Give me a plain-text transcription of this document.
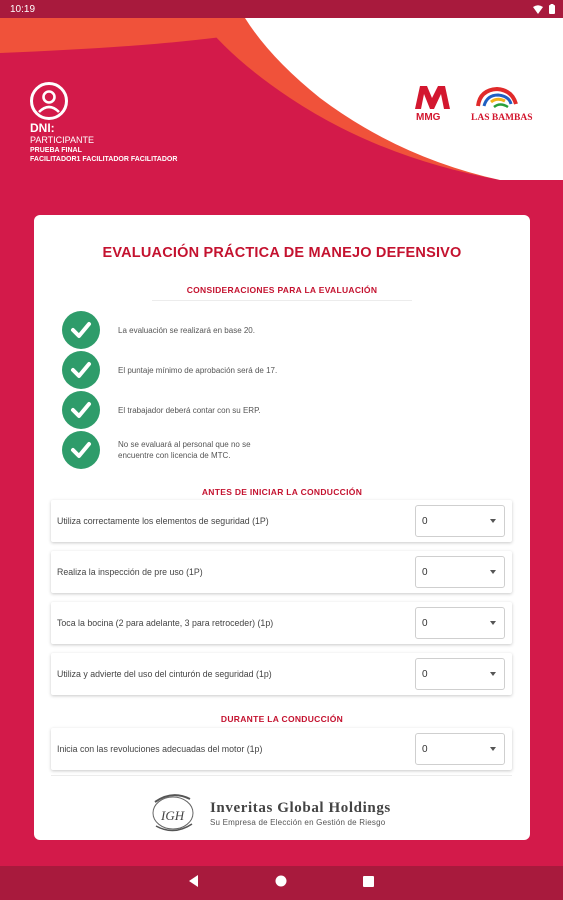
10:19
DNI:
PARTICIPANTE
PRUEBA FINAL
FACILITADOR1 FACILITADOR FACILITADOR
MMG	LAS BAMBAS
EVALUACIÓN PRÁCTICA DE MANEJO DEFENSIVO
CONSIDERACIONES PARA LA EVALUACIÓN
La evaluación se realizará en base 20.
El puntaje mínimo de aprobación será de 17.
El trabajador deberá contar con su ERP.
No se evaluará al personal que no se encuentre con licencia de MTC.
ANTES DE INICIAR LA CONDUCCIÓN
Utiliza correctamente los elementos de seguridad (1P)	0
Realiza la inspección de pre uso (1P)	0
Toca la bocina (2 para adelante, 3 para retroceder) (1p)	0
Utiliza y advierte del uso del cinturón de seguridad (1p)	0
DURANTE LA CONDUCCIÓN
Inicia con las revoluciones adecuadas del motor (1p)	0
IGH Inveritas Global Holdings
Su Empresa de Elección en Gestión de Riesgo
